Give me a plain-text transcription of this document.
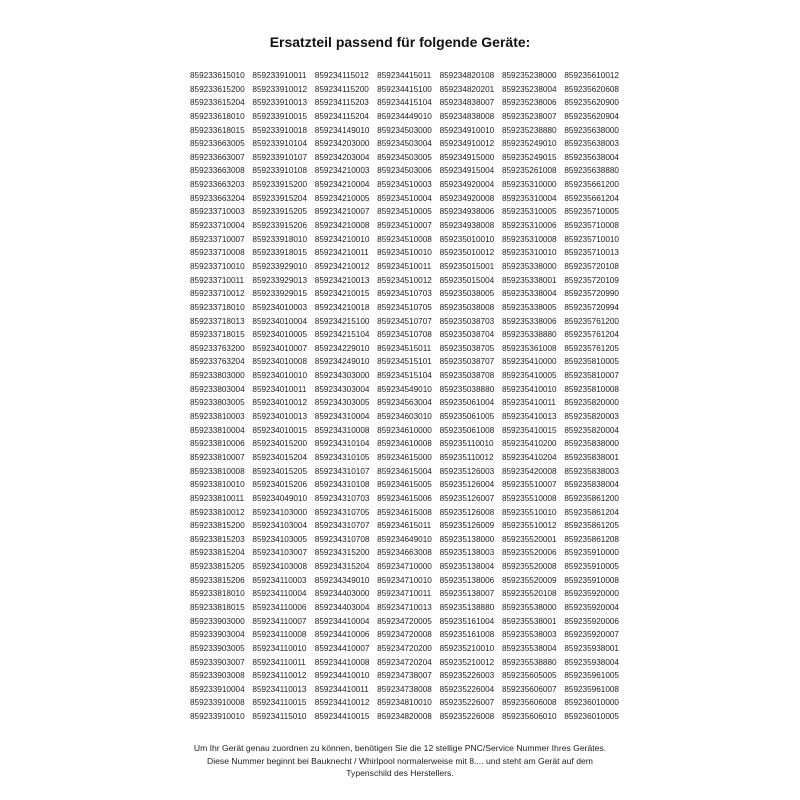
Ersatzteil passend für folgende Geräte:
859233615010
859233615200
859233615204
859233618010
859233618015
859233663005
859233663007
859233663008
859233663203
859233663204
859233710003
859233710004
859233710007
859233710008
859233710010
859233710011
859233710012
859233718010
859233718013
859233718015
859233763200
859233763204
859233803000
859233803004
859233803005
859233810003
859233810004
859233810006
859233810007
859233810008
859233810010
859233810011
859233810012
859233815200
859233815203
859233815204
859233815205
859233815206
859233818010
859233818015
859233903000
859233903004
859233903005
859233903007
859233903008
859233910004
859233910008
859233910010
859233910011
859233910012
859233910013
859233910015
859233910018
859233910104
859233910107
859233910108
859233915200
859233915204
859233915205
859233915206
859233918010
859233918015
859233929010
859233929013
859233929015
859234010003
859234010004
859234010005
859234010007
859234010008
859234010010
859234010011
859234010012
859234010013
859234010015
859234015200
859234015204
859234015205
859234015206
859234049010
859234103000
859234103004
859234103005
859234103007
859234103008
859234110003
859234110004
859234110006
859234110007
859234110008
859234110010
859234110011
859234110012
859234110013
859234110015
859234115010
859234115012
859234115200
859234115203
859234115204
859234149010
859234203000
859234203004
859234210003
859234210004
859234210005
859234210007
859234210008
859234210010
859234210011
859234210012
859234210013
859234210015
859234210018
859234215100
859234215104
859234229010
859234249010
859234303000
859234303004
859234303005
859234310004
859234310008
859234310104
859234310105
859234310107
859234310108
859234310703
859234310705
859234310707
859234310708
859234315200
859234315204
859234349010
859234403000
859234403004
859234410004
859234410006
859234410007
859234410008
859234410010
859234410011
859234410012
859234410015
859234415011
859234415100
859234415104
859234449010
859234503000
859234503004
859234503005
859234503006
859234510003
859234510004
859234510005
859234510007
859234510008
859234510010
859234510011
859234510012
859234510703
859234510705
859234510707
859234510708
859234515011
859234515101
859234515104
859234549010
859234563004
859234603010
859234610000
859234610008
859234615000
859234615004
859234615005
859234615006
859234615008
859234615011
859234649010
859234663008
859234710000
859234710010
859234710011
859234710013
859234720005
859234720008
859234720200
859234720204
859234738007
859234738008
859234810010
859234820008
859234820108
859234820201
859234838007
859234838008
859234910010
859234910012
859234915000
859234915004
859234920004
859234920008
859234938006
859234938008
859235010010
859235010012
859235015001
859235015004
859235038005
859235038008
859235038703
859235038704
859235038705
859235038707
859235038708
859235038880
859235061004
859235061005
859235061008
859235110010
859235110012
859235126003
859235126004
859235126007
859235126008
859235126009
859235138000
859235138003
859235138004
859235138006
859235138007
859235138880
859235161004
859235161008
859235210010
859235210012
859235226003
859235226004
859235226007
859235226008
859235238000
859235238004
859235238006
859235238007
859235238880
859235249010
859235249015
859235261008
859235310000
859235310004
859235310005
859235310006
859235310008
859235310010
859235338000
859235338001
859235338004
859235338005
859235338006
859235338880
859235361008
859235410000
859235410005
859235410010
859235410011
859235410013
859235410015
859235410200
859235410204
859235420008
859235510007
859235510008
859235510010
859235510012
859235520001
859235520006
859235520008
859235520009
859235520108
859235538000
859235538001
859235538003
859235538004
859235538880
859235605005
859235606007
859235606008
859235606010
859235610012
859235620608
859235620900
859235620904
859235638000
859235638003
859235638004
859235638880
859235661200
859235661204
859235710005
859235710008
859235710010
859235710013
859235720108
859235720109
859235720990
859235720994
859235761200
859235761204
859235761205
859235810005
859235810007
859235810008
859235820000
859235820003
859235820004
859235838000
859235838001
859235838003
859235838004
859235861200
859235861204
859235861205
859235861208
859235910000
859235910005
859235910008
859235920000
859235920004
859235920006
859235920007
859235938001
859235938004
859235961005
859235961008
859236010000
859236010005
Um Ihr Gerät genau zuordnen zu können, benötigen Sie die 12 stellige PNC/Service Nummer Ihres Gerätes.
Diese Nummer beginnt bei Bauknecht / Whirlpool normalerweise mit 8.... und steht am Gerät auf dem
Typenschild des Herstellers.
